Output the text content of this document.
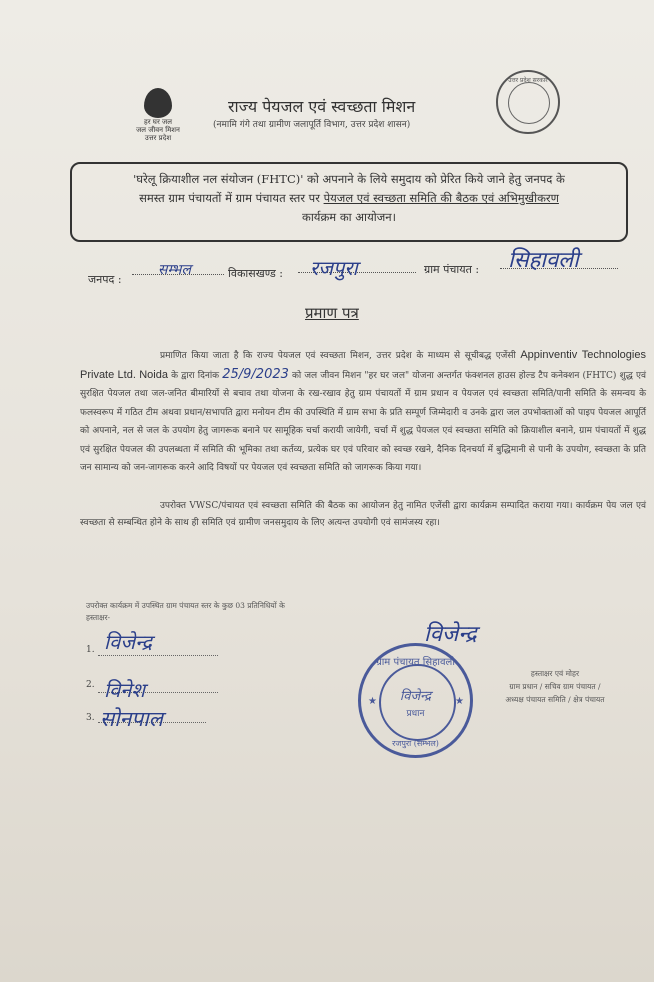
हर घर जल
जल जीवन मिशन
उत्तर प्रदेश
राज्य पेयजल एवं स्वच्छता मिशन
(नमामि गंगे तथा ग्रामीण जलापूर्ति विभाग, उत्तर प्रदेश शासन)
उत्तर प्रदेश सरकार
'घरेलू क्रियाशील नल संयोजन (FHTC)' को अपनाने के लिये समुदाय को प्रेरित किये जाने हेतु जनपद के
समस्त ग्राम पंचायतों में ग्राम पंचायत स्तर पर पेयजल एवं स्वच्छता समिति की बैठक एवं अभिमुखीकरण
कार्यक्रम का आयोजन।
जनपद :
सम्भल	विकासखण्ड : रजपुरा	ग्राम पंचायत : सिहावली
प्रमाण पत्र
प्रमाणित किया जाता है कि राज्य पेयजल एवं स्वच्छता मिशन, उत्तर प्रदेश के माध्यम से सूचीबद्ध एजेंसी Appinventiv Technologies Private Ltd. Noida के द्वारा दिनांक 25/9/2023 को जल जीवन मिशन "हर घर जल" योजना अन्तर्गत फंक्शनल हाउस होल्ड टैप कनेक्शन (FHTC) शुद्ध एवं सुरक्षित पेयजल तथा जल-जनित बीमारियों से बचाव तथा योजना के रख-रखाव हेतु ग्राम पंचायतों में ग्राम प्रधान व पेयजल एवं स्वच्छता समिति/पानी समिति के समन्वय के फलस्वरूप में गठित टीम अथवा प्रधान/सभापति द्वारा मनोयन टीम की उपस्थिति में ग्राम सभा के प्रति सम्पूर्ण जिम्मेदारी व उनके द्वारा जल उपभोक्ताओं को पाइप पेयजल आपूर्ति को अपनाने, नल से जल के उपयोग हेतु जागरूक बनाने पर सामूहिक चर्चा करायी जायेगी, चर्चा में शुद्ध पेयजल एवं स्वच्छता समिति को क्रियाशील बनाने, ग्राम पंचायतों में शुद्ध एवं सुरक्षित पेयजल की उपलब्धता में समिति की भूमिका तथा कर्तव्य, प्रत्येक घर एवं परिवार को स्वच्छ रखने, दैनिक दिनचर्या में बुद्धिमानी से पानी के उपयोग, स्वच्छता के प्रति जन सामान्य को जन-जागरूक करने आदि विषयों पर पेयजल एवं स्वच्छता समिति को जागरूक किया गया।
उपरोक्त VWSC/पंचायत एवं स्वच्छता समिति की बैठक का आयोजन हेतु नामित एजेंसी द्वारा कार्यक्रम सम्पादित कराया गया। कार्यक्रम पेय जल एवं स्वच्छता से सम्बन्धित होने के साथ ही समिति एवं ग्रामीण जनसमुदाय के लिए अत्यन्त उपयोगी एवं सामंजस्य रहा।
उपरोक्त कार्यक्रम में उपस्थित ग्राम पंचायत स्तर के कुछ 03 प्रतिनिधियों के
हस्ताक्षर-
1. विजेन्द्र
2. विनेश
3. सोनपाल
विजेन्द्र
ग्राम पंचायत सिहावली
★	★
विजेन्द्र
प्रधान
रजपुरा (सम्भल)
हस्ताक्षर एवं मोहर
ग्राम प्रधान / सचिव ग्राम पंचायत /
अध्यक्ष पंचायत समिति / क्षेत्र पंचायत
